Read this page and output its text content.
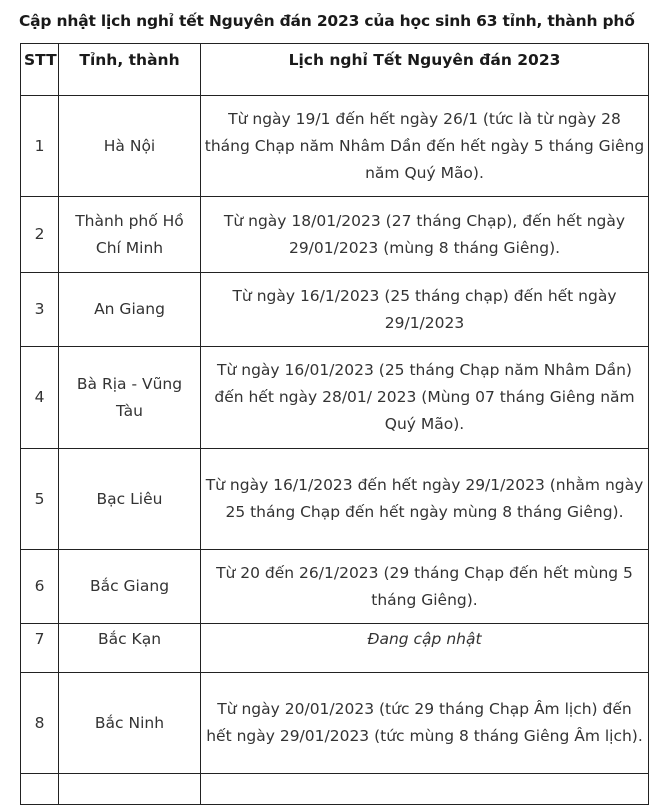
Cập nhật lịch nghỉ tết Nguyên đán 2023 của học sinh 63 tỉnh, thành phố
STT	Tỉnh, thành	Lịch nghỉ Tết Nguyên đán 2023
1	Hà Nội	Từ ngày 19/1 đến hết ngày 26/1 (tức là từ ngày 28 tháng Chạp năm Nhâm Dần đến hết ngày 5 tháng Giêng năm Quý Mão).
2	Thành phố Hồ Chí Minh	Từ ngày 18/01/2023 (27 tháng Chạp), đến hết ngày 29/01/2023 (mùng 8 tháng Giêng).
3	An Giang	Từ ngày 16/1/2023 (25 tháng chạp) đến hết ngày 29/1/2023
4	Bà Rịa - Vũng Tàu	Từ ngày 16/01/2023 (25 tháng Chạp năm Nhâm Dần) đến hết ngày 28/01/ 2023 (Mùng 07 tháng Giêng năm Quý Mão).
5	Bạc Liêu	Từ ngày 16/1/2023 đến hết ngày 29/1/2023 (nhằm ngày 25 tháng Chạp đến hết ngày mùng 8 tháng Giêng).
6	Bắc Giang	Từ 20 đến 26/1/2023 (29 tháng Chạp đến hết mùng 5 tháng Giêng).
7	Bắc Kạn	Đang cập nhật
8	Bắc Ninh	Từ ngày 20/01/2023 (tức 29 tháng Chạp Âm lịch) đến hết ngày 29/01/2023 (tức mùng 8 tháng Giêng Âm lịch).
